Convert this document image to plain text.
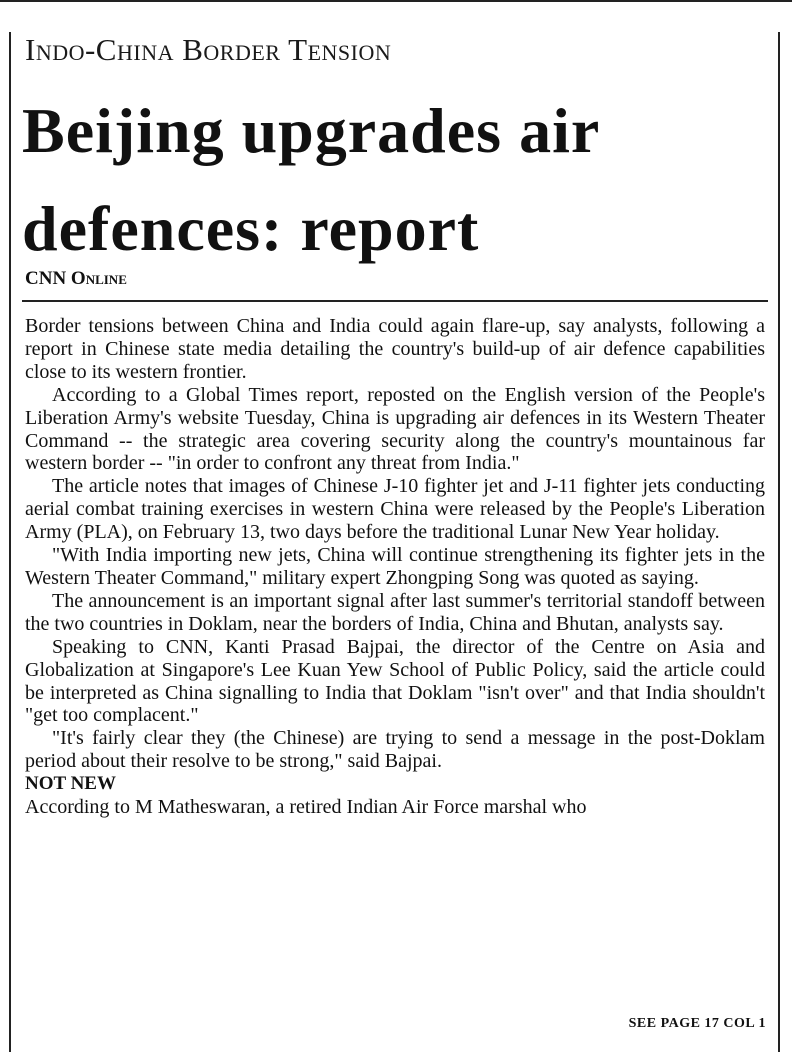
Indo-China Border Tension
Beijing upgrades air
defences: report
CNN Online

Border tensions between China and India could again flare-up, say analysts, following a report in Chinese state media detailing the country's build-up of air defence capabilities close to its western frontier.

According to a Global Times report, reposted on the English version of the People's Liberation Army's website Tuesday, China is upgrading air defences in its Western Theater Command -- the strategic area covering security along the country's mountainous far western border -- "in order to confront any threat from India."

The article notes that images of Chinese J-10 fighter jet and J-11 fighter jets conducting aerial combat training exercises in western China were released by the People's Liberation Army (PLA), on February 13, two days before the traditional Lunar New Year holiday.

"With India importing new jets, China will continue strengthening its fighter jets in the Western Theater Command," military expert Zhongping Song was quoted as saying.

The announcement is an important signal after last summer's territorial standoff between the two countries in Doklam, near the borders of India, China and Bhutan, analysts say.

Speaking to CNN, Kanti Prasad Bajpai, the director of the Centre on Asia and Globalization at Singapore's Lee Kuan Yew School of Public Policy, said the article could be interpreted as China signalling to India that Doklam "isn't over" and that India shouldn't "get too complacent."

"It's fairly clear they (the Chinese) are trying to send a message in the post-Doklam period about their resolve to be strong," said Bajpai.

NOT NEW

According to M Matheswaran, a retired Indian Air Force marshal who

SEE PAGE 17 COL 1
